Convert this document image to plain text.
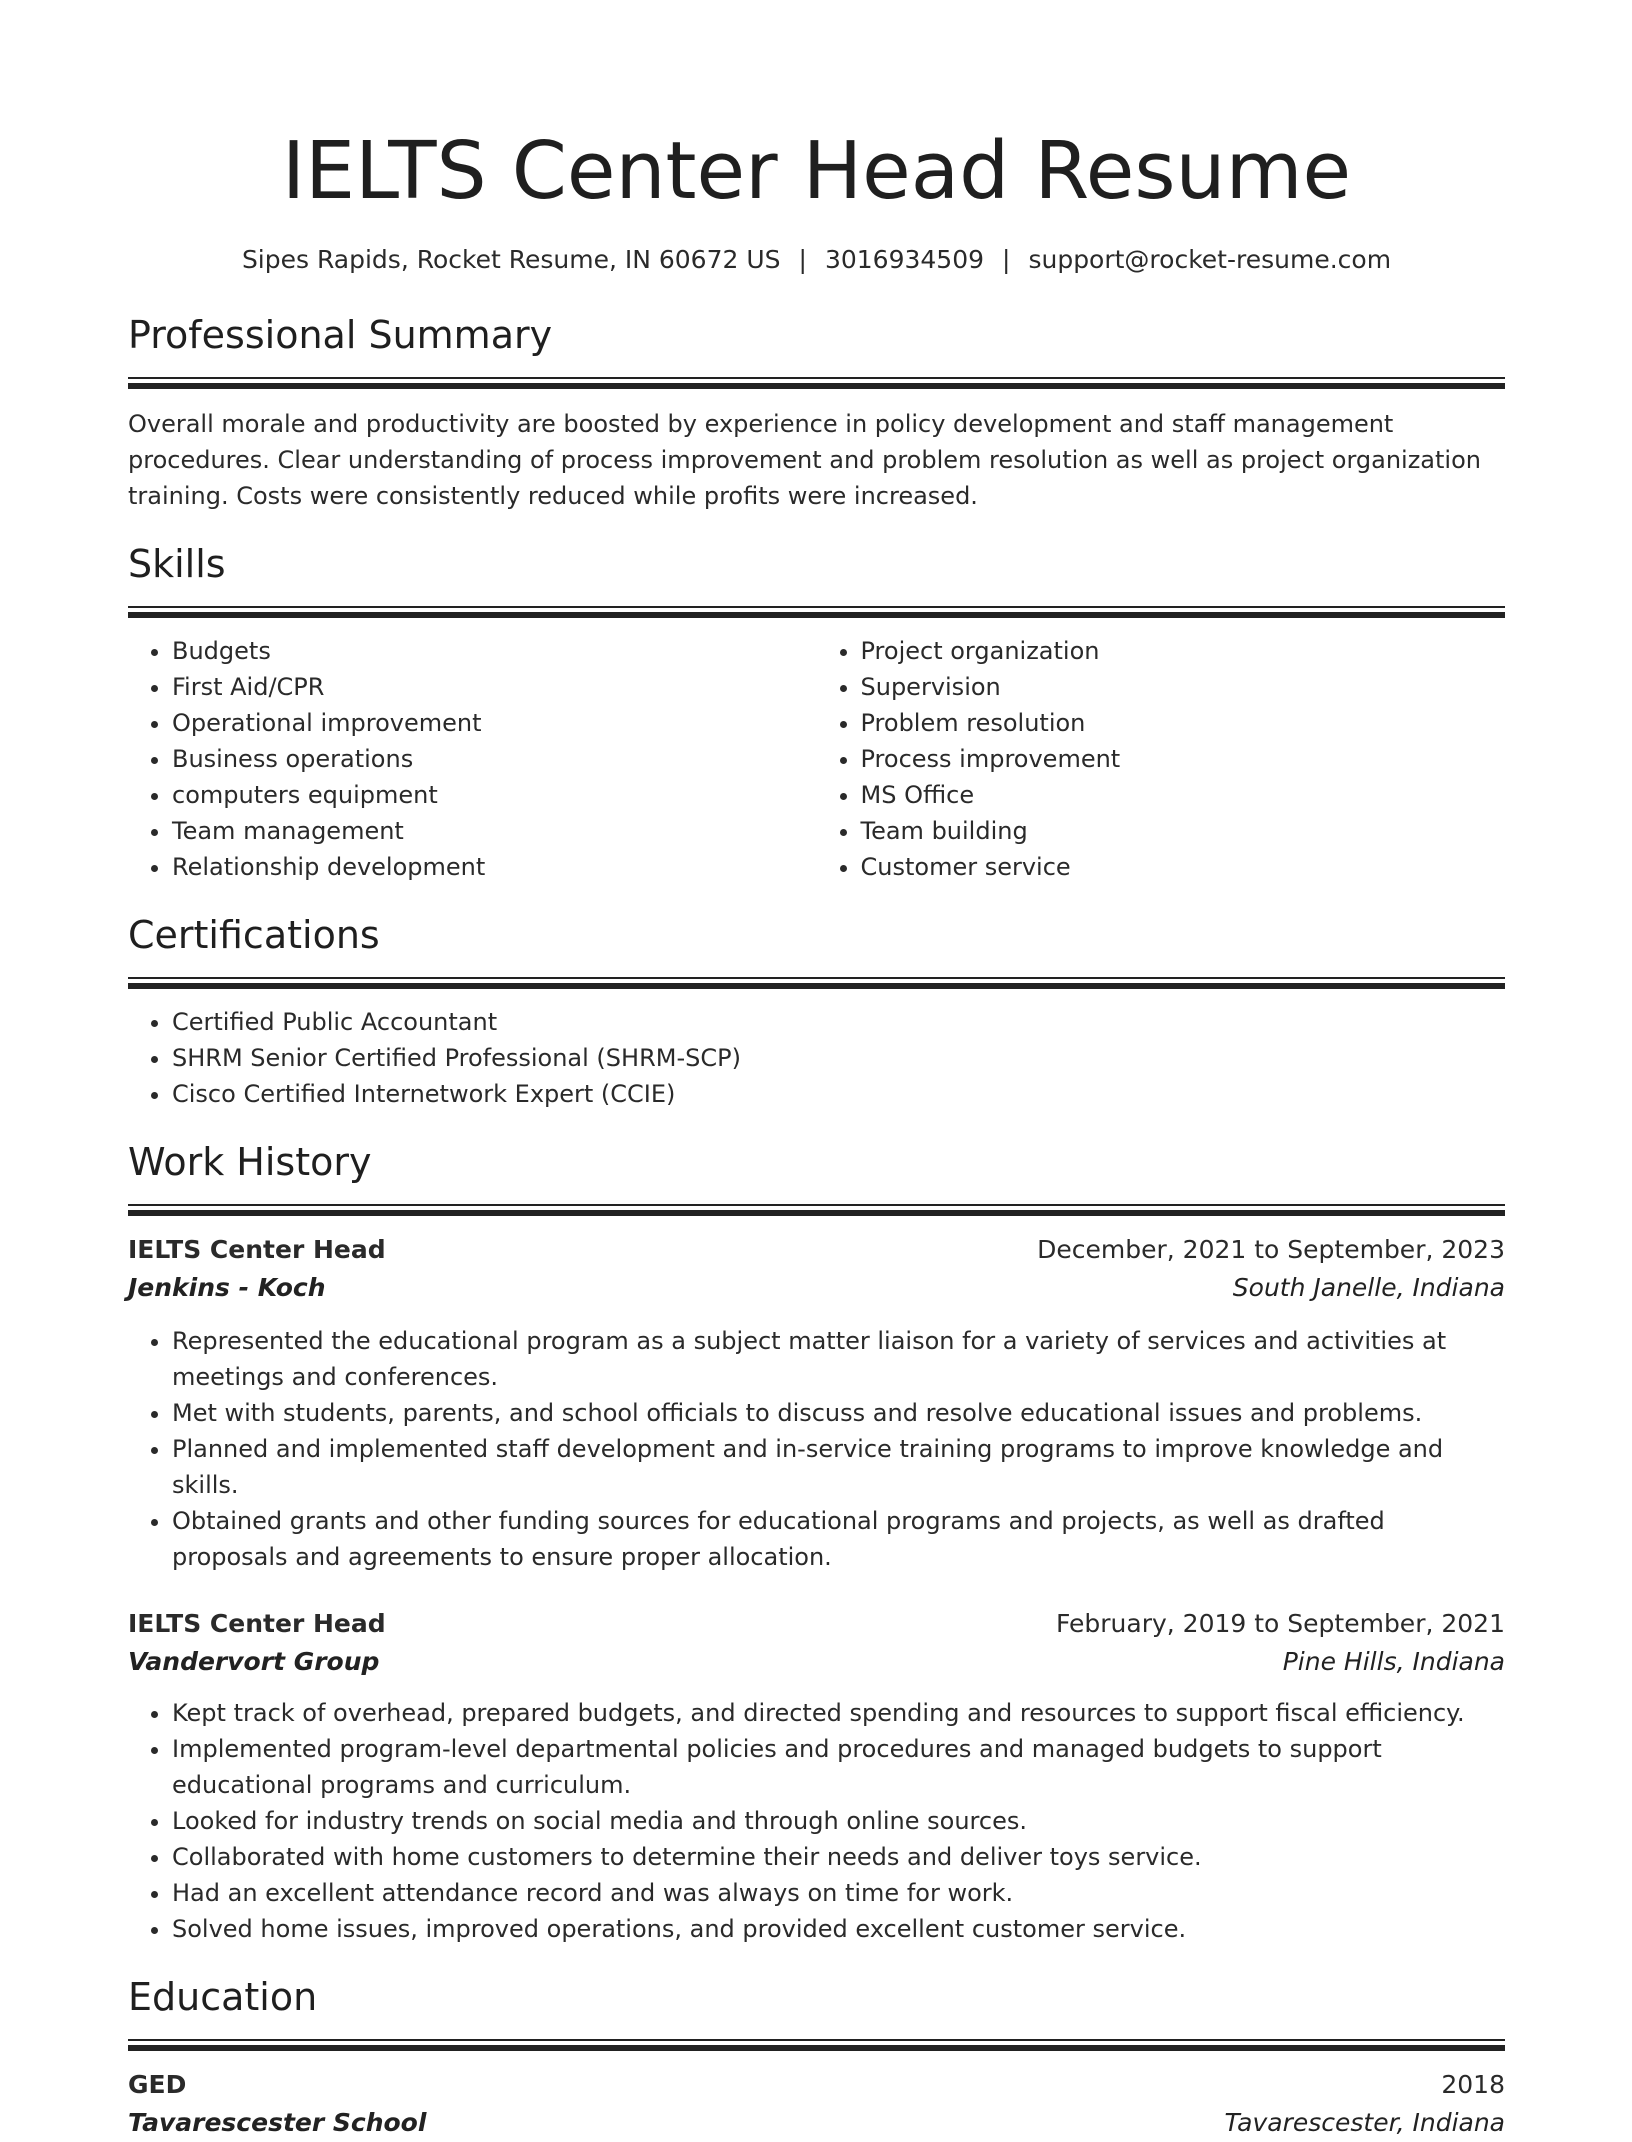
IELTS Center Head Resume
Sipes Rapids, Rocket Resume, IN 60672 US | 3016934509 | support@rocket-resume.com
Professional Summary
Overall morale and productivity are boosted by experience in policy development and staff management procedures. Clear understanding of process improvement and problem resolution as well as project organization training. Costs were consistently reduced while profits were increased.
Skills
• Budgets
• First Aid/CPR
• Operational improvement
• Business operations
• computers equipment
• Team management
• Relationship development
• Project organization
• Supervision
• Problem resolution
• Process improvement
• MS Office
• Team building
• Customer service
Certifications
• Certified Public Accountant
• SHRM Senior Certified Professional (SHRM-SCP)
• Cisco Certified Internetwork Expert (CCIE)
Work History
IELTS Center Head	December, 2021 to September, 2023
Jenkins - Koch	South Janelle, Indiana
• Represented the educational program as a subject matter liaison for a variety of services and activities at meetings and conferences.
• Met with students, parents, and school officials to discuss and resolve educational issues and problems.
• Planned and implemented staff development and in-service training programs to improve knowledge and skills.
• Obtained grants and other funding sources for educational programs and projects, as well as drafted proposals and agreements to ensure proper allocation.
IELTS Center Head	February, 2019 to September, 2021
Vandervort Group	Pine Hills, Indiana
• Kept track of overhead, prepared budgets, and directed spending and resources to support fiscal efficiency.
• Implemented program-level departmental policies and procedures and managed budgets to support educational programs and curriculum.
• Looked for industry trends on social media and through online sources.
• Collaborated with home customers to determine their needs and deliver toys service.
• Had an excellent attendance record and was always on time for work.
• Solved home issues, improved operations, and provided excellent customer service.
Education
GED	2018
Tavarescester School	Tavarescester, Indiana
